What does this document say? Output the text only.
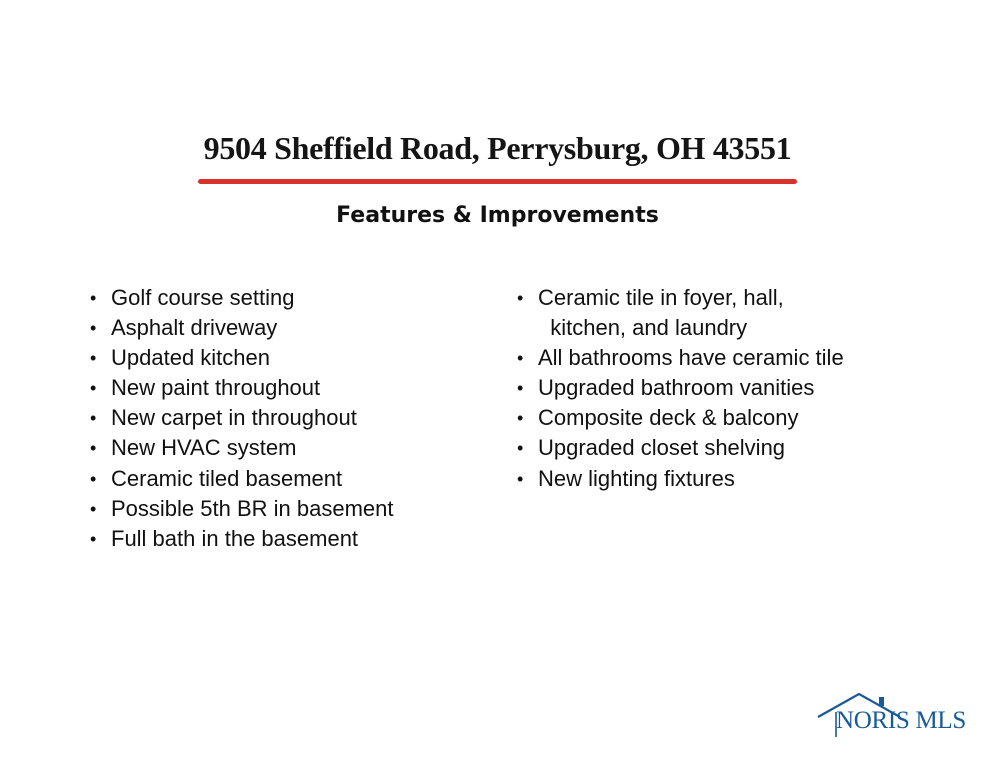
9504 Sheffield Road, Perrysburg, OH 43551
Features & Improvements
• Golf course setting
• Asphalt driveway
• Updated kitchen
• New paint throughout
• New carpet in throughout
• New HVAC system
• Ceramic tiled basement
• Possible 5th BR in basement
• Full bath in the basement
• Ceramic tile in foyer, hall,
kitchen, and laundry
• All bathrooms have ceramic tile
• Upgraded bathroom vanities
• Composite deck & balcony
• Upgraded closet shelving
• New lighting fixtures
NORIS MLS
